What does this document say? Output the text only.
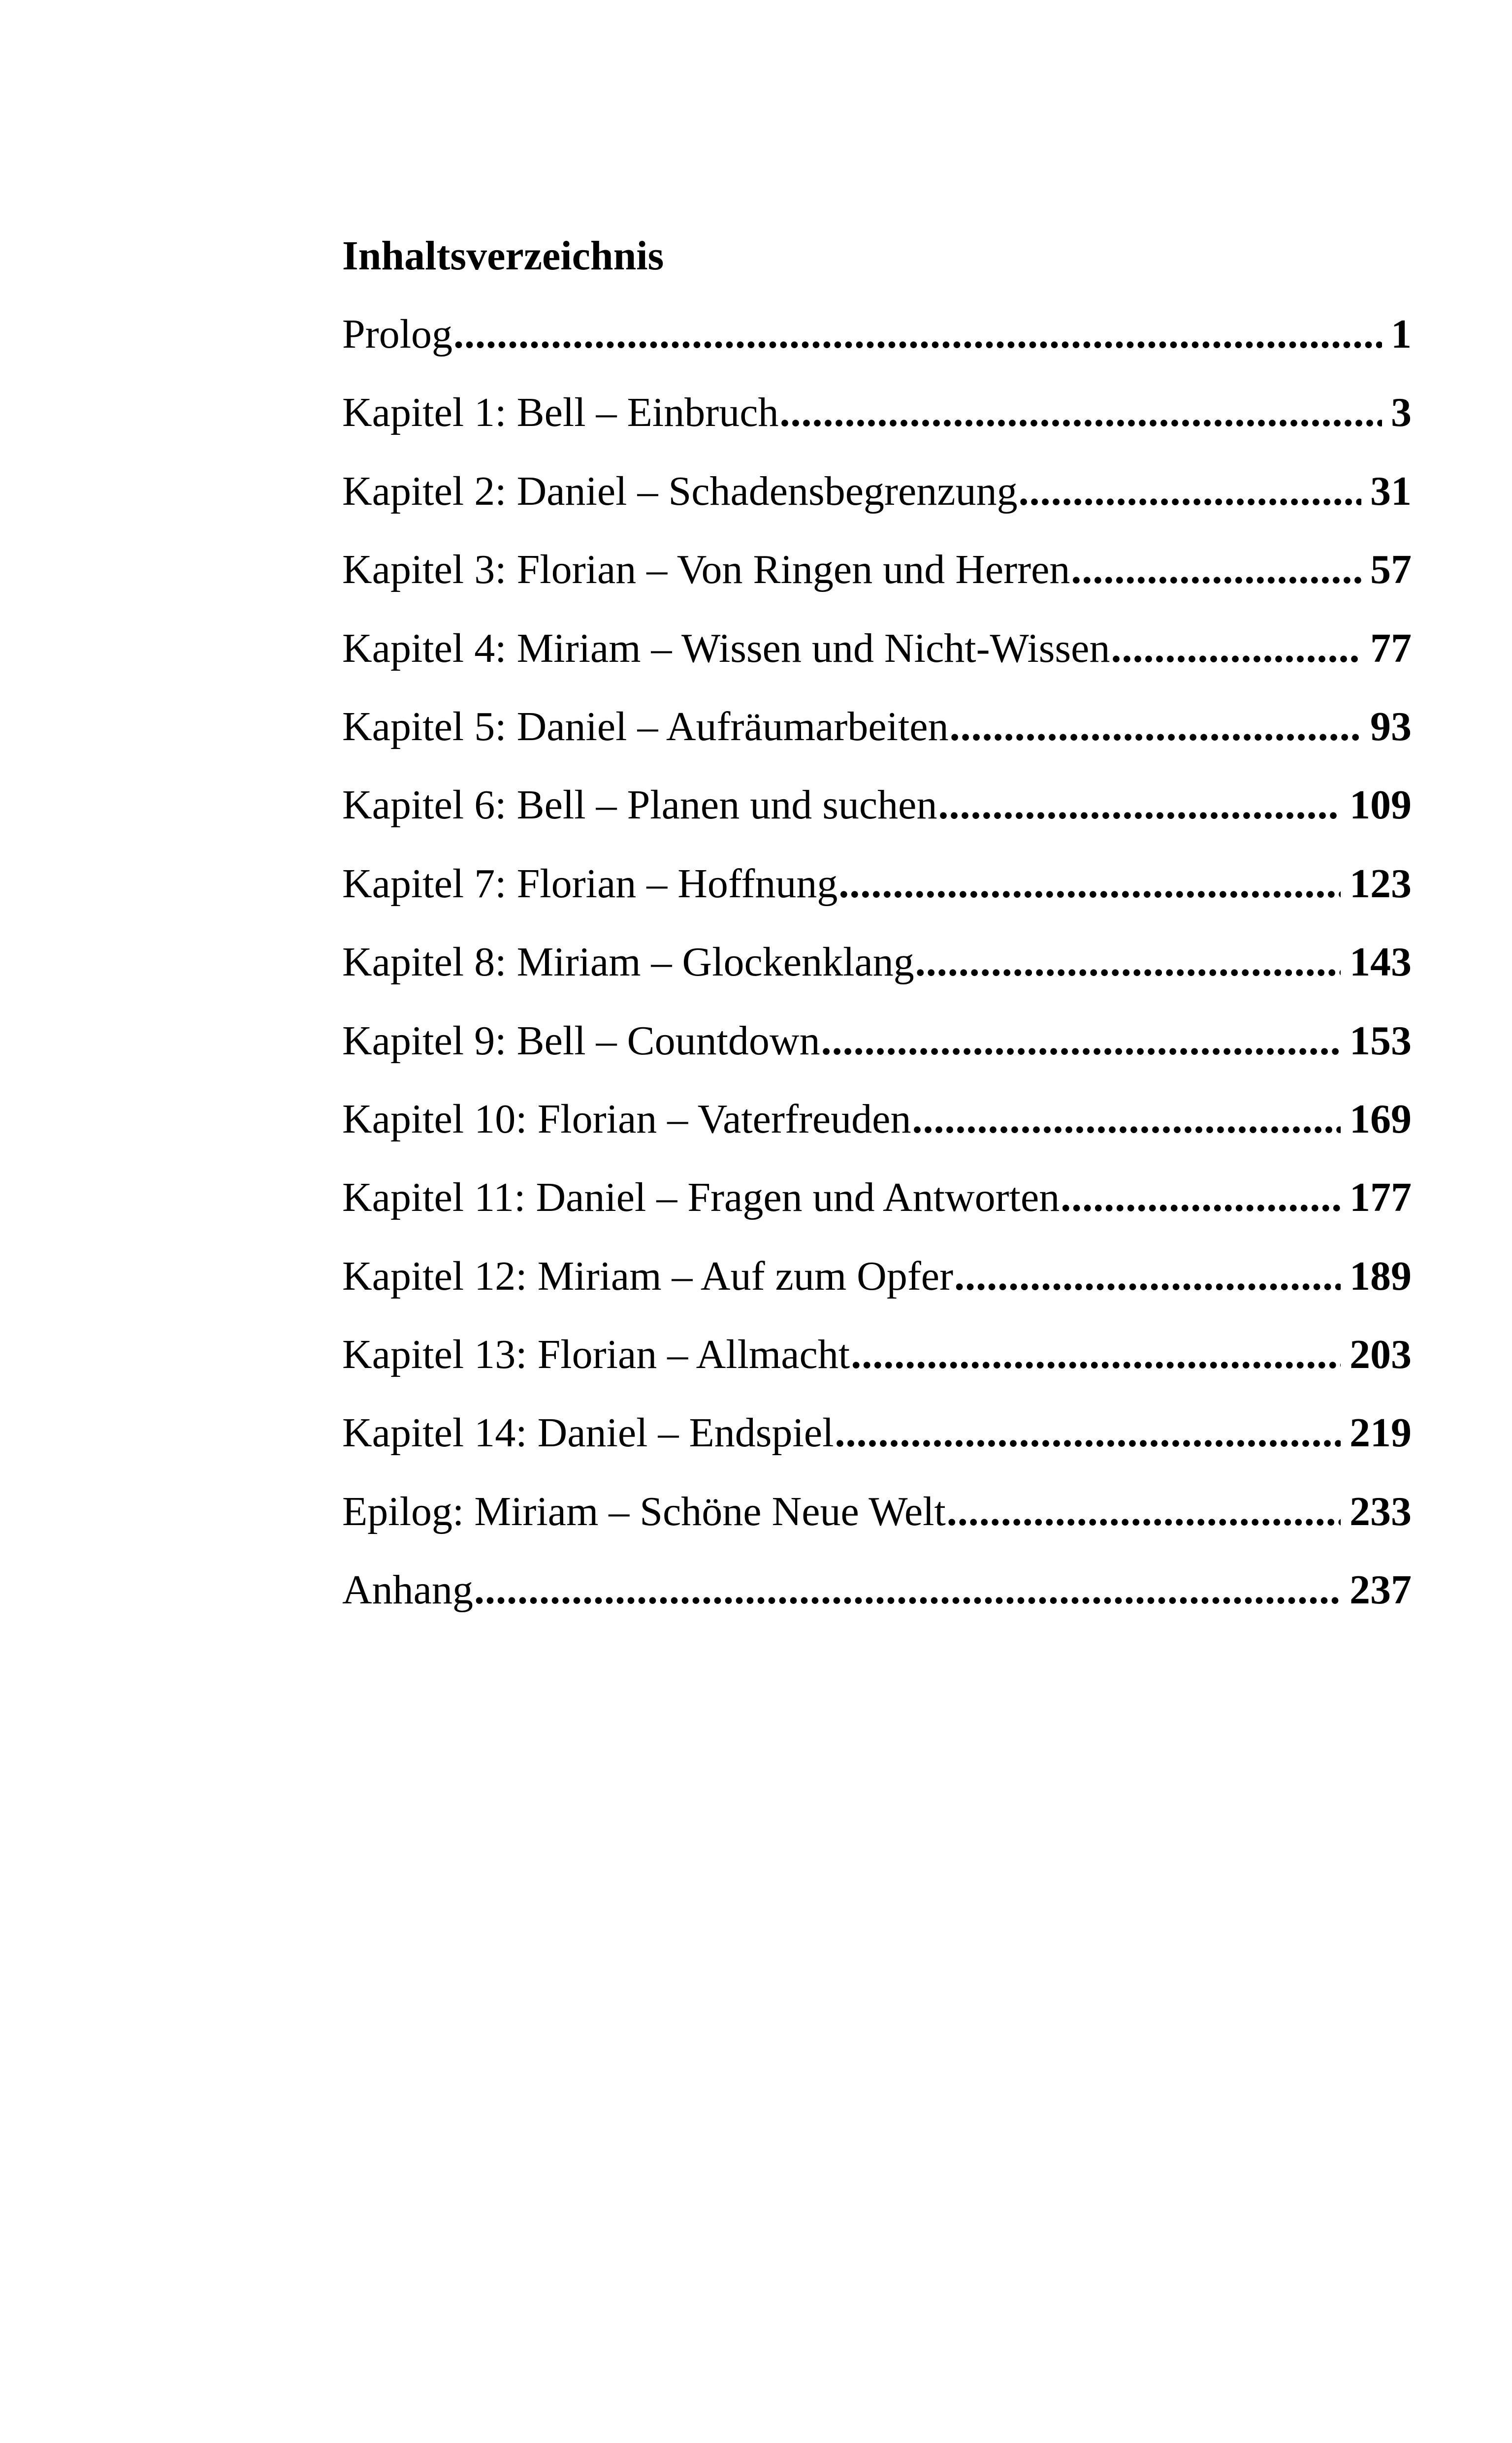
Inhaltsverzeichnis
Prolog .....	1
Kapitel 1: Bell – Einbruch .....	3
Kapitel 2: Daniel – Schadensbegrenzung .....	31
Kapitel 3: Florian – Von Ringen und Herren .....	57
Kapitel 4: Miriam – Wissen und Nicht-Wissen .....	77
Kapitel 5: Daniel – Aufräumarbeiten .....	93
Kapitel 6: Bell – Planen und suchen .....	109
Kapitel 7: Florian – Hoffnung .....	123
Kapitel 8: Miriam – Glockenklang .....	143
Kapitel 9: Bell – Countdown .....	153
Kapitel 10: Florian – Vaterfreuden .....	169
Kapitel 11: Daniel – Fragen und Antworten .....	177
Kapitel 12: Miriam – Auf zum Opfer .....	189
Kapitel 13: Florian – Allmacht .....	203
Kapitel 14: Daniel – Endspiel .....	219
Epilog: Miriam – Schöne Neue Welt .....	233
Anhang .....	237
